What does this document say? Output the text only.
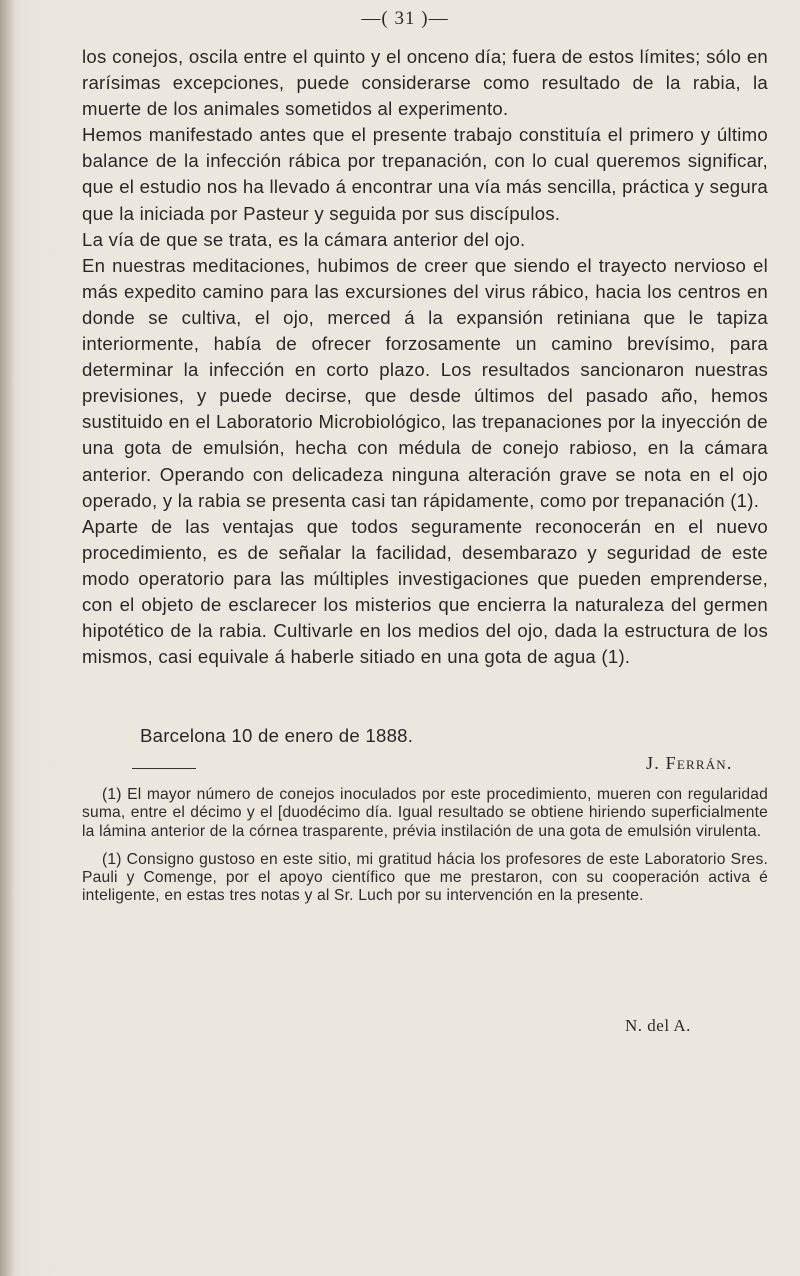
—( 31 )—

los conejos, oscila entre el quinto y el onceno día; fuera de estos límites; sólo en rarísimas excepciones, puede considerarse como resultado de la rabia, la muerte de los animales sometidos al experimento.

Hemos manifestado antes que el presente trabajo constituía el primero y último balance de la infección rábica por trepanación, con lo cual queremos significar, que el estudio nos ha llevado á encontrar una vía más sencilla, práctica y segura que la iniciada por Pasteur y seguida por sus discípulos.

La vía de que se trata, es la cámara anterior del ojo.

En nuestras meditaciones, hubimos de creer que siendo el trayecto nervioso el más expedito camino para las excursiones del virus rábico, hacia los centros en donde se cultiva, el ojo, merced á la expansión retiniana que le tapiza interiormente, había de ofrecer forzosamente un camino brevísimo, para determinar la infección en corto plazo. Los resultados sancionaron nuestras previsiones, y puede decirse, que desde últimos del pasado año, hemos sustituido en el Laboratorio Microbiológico, las trepanaciones por la inyección de una gota de emulsión, hecha con médula de conejo rabioso, en la cámara anterior. Operando con delicadeza ninguna alteración grave se nota en el ojo operado, y la rabia se presenta casi tan rápidamente, como por trepanación (1).

Aparte de las ventajas que todos seguramente reconocerán en el nuevo procedimiento, es de señalar la facilidad, desembarazo y seguridad de este modo operatorio para las múltiples investigaciones que pueden emprenderse, con el objeto de esclarecer los misterios que encierra la naturaleza del germen hipotético de la rabia. Cultivarle en los medios del ojo, dada la estructura de los mismos, casi equivale á haberle sitiado en una gota de agua (1).

Barcelona 10 de enero de 1888.
J. Ferrán.

(1) El mayor número de conejos inoculados por este procedimiento, mueren con regularidad suma, entre el décimo y el [duodécimo día. Igual resultado se obtiene hiriendo superficialmente la lámina anterior de la córnea trasparente, prévia instilación de una gota de emulsión virulenta.

(1) Consigno gustoso en este sitio, mi gratitud hácia los profesores de este Laboratorio Sres. Pauli y Comenge, por el apoyo científico que me prestaron, con su cooperación activa é inteligente, en estas tres notas y al Sr. Luch por su intervención en la presente.

N. del A.
